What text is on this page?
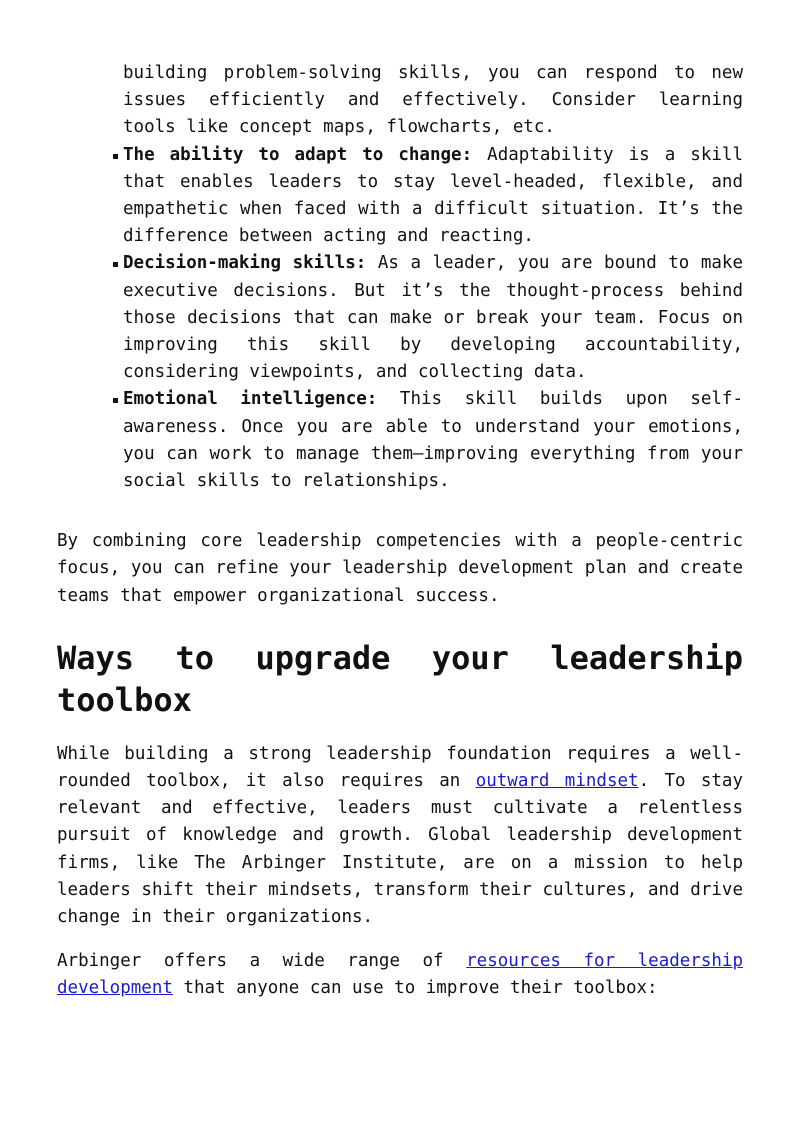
building problem-solving skills, you can respond to new issues efficiently and effectively. Consider learning tools like concept maps, flowcharts, etc.
The ability to adapt to change: Adaptability is a skill that enables leaders to stay level-headed, flexible, and empathetic when faced with a difficult situation. It’s the difference between acting and reacting.
Decision-making skills: As a leader, you are bound to make executive decisions. But it’s the thought-process behind those decisions that can make or break your team. Focus on improving this skill by developing accountability, considering viewpoints, and collecting data.
Emotional intelligence: This skill builds upon self-awareness. Once you are able to understand your emotions, you can work to manage them—improving everything from your social skills to relationships.

By combining core leadership competencies with a people-centric focus, you can refine your leadership development plan and create teams that empower organizational success.

Ways to upgrade your leadership toolbox

While building a strong leadership foundation requires a well-rounded toolbox, it also requires an outward mindset. To stay relevant and effective, leaders must cultivate a relentless pursuit of knowledge and growth. Global leadership development firms, like The Arbinger Institute, are on a mission to help leaders shift their mindsets, transform their cultures, and drive change in their organizations.

Arbinger offers a wide range of resources for leadership development that anyone can use to improve their toolbox:
